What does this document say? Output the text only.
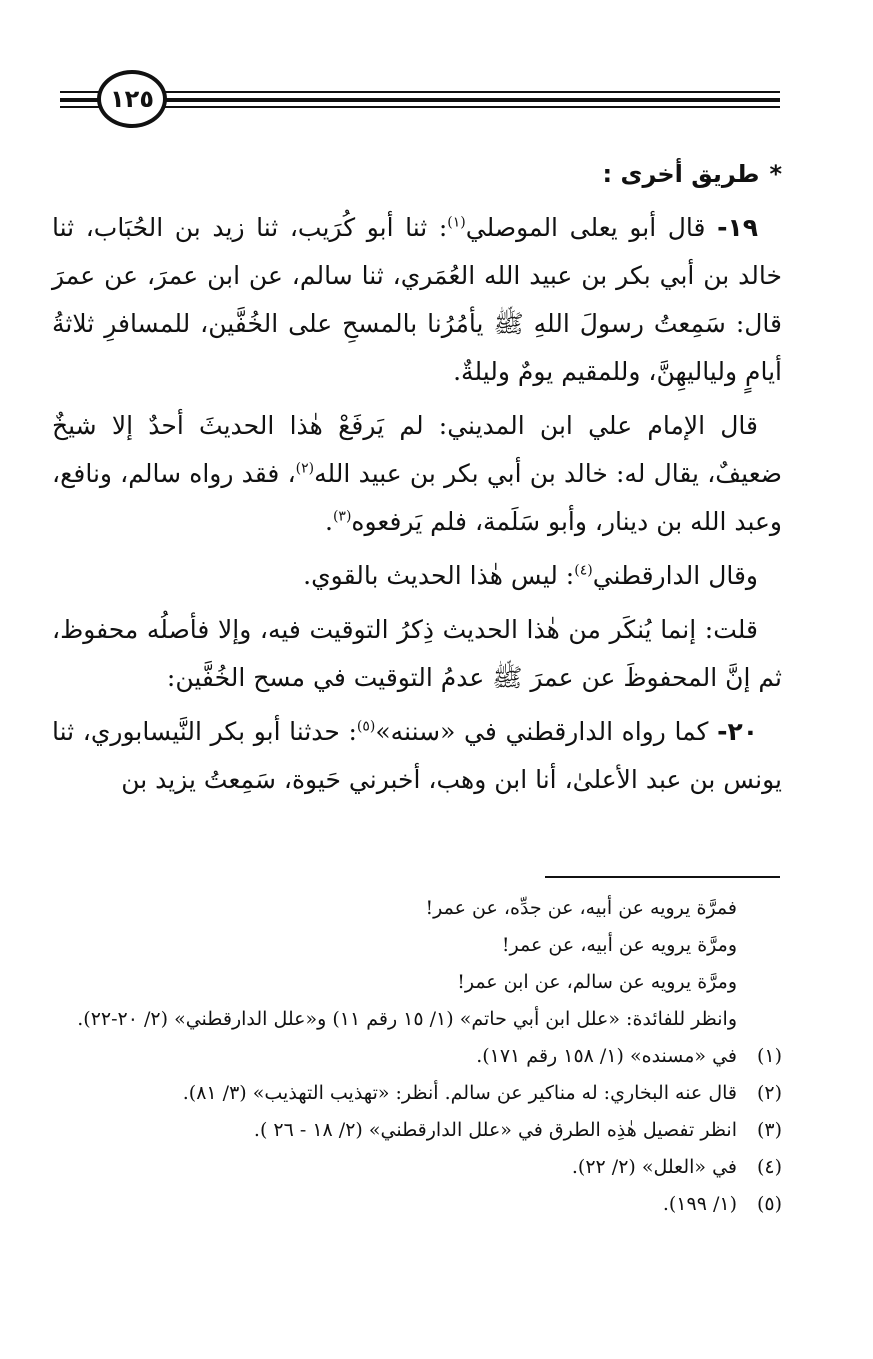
١٢٥
*طريق أخرى :

١٩- قال أبو يعلى الموصلي$^{(١)}$: ثنا أبو كُرَيب، ثنا زيد بن الحُبَاب، ثنا خالد بن أبي بكر بن عبيد الله العُمَري، ثنا سالم، عن ابن عمرَ، عن عمرَ قال: سَمِعتُ رسولَ اللهِ ﷺ يأمُرُنا بالمسحِ على الخُفَّين، للمسافرِ ثلاثةُ أيامٍ ولياليهِنَّ، وللمقيم يومٌ وليلةٌ.

قال الإمام علي ابن المديني: لم يَرفَعْ هٰذا الحديثَ أحدٌ إلا شيخٌ ضعيفٌ، يقال له: خالد بن أبي بكر بن عبيد الله$^{(٢)}$، فقد رواه سالم، ونافع، وعبد الله بن دينار، وأبو سَلَمة، فلم يَرفعوه$^{(٣)}$.

وقال الدارقطني$^{(٤)}$: ليس هٰذا الحديث بالقوي.

قلت: إنما يُنكَر من هٰذا الحديث ذِكرُ التوقيت فيه، وإلا فأصلُه محفوظ، ثم إنَّ المحفوظَ عن عمرَ ﷺ عدمُ التوقيت في مسح الخُفَّين:

٢٠- كما رواه الدارقطني في «سننه»$^{(٥)}$: حدثنا أبو بكر النَّيسابوري، ثنا يونس بن عبد الأعلىٰ، أنا ابن وهب، أخبرني حَيوة، سَمِعتُ يزيد بن

فمرَّة يرويه عن أبيه، عن جدِّه، عن عمر!

ومرَّة يرويه عن أبيه، عن عمر!

ومرَّة يرويه عن سالم، عن ابن عمر!

وانظر للفائدة: «علل ابن أبي حاتم» (١/ ١٥ رقم ١١) و«علل الدارقطني» (٢/ ٢٠-٢٢).

(١)
في «مسنده» (١/ ١٥٨ رقم ١٧١).
(٢)
قال عنه البخاري: له مناكير عن سالم. أنظر: «تهذيب التهذيب» (٣/ ٨١).
(٣)
انظر تفصيل هٰذِه الطرق في «علل الدارقطني» (٢/ ١٨ - ٢٦ ).
(٤)
في «العلل» (٢/ ٢٢).
(٥)
(١/ ١٩٩).
